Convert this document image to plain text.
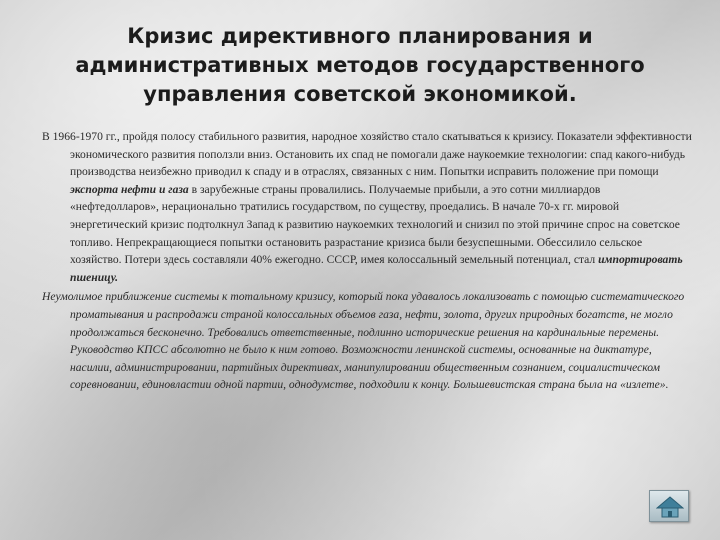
Кризис директивного планирования и административных методов государственного управления советской экономикой.

В 1966-1970 гг., пройдя полосу стабильного развития, народное хозяйство стало скатываться к кризису. Показатели эффективности экономического развития поползли вниз. Остановить их спад не помогали даже наукоемкие технологии: спад какого-нибудь производства неизбежно приводил к спаду и в отраслях, связанных с ним. Попытки исправить положение при помощи экспорта нефти и газа в зарубежные страны провалились. Получаемые прибыли, а это сотни миллиардов «нефтедолларов», нерационально тратились государством, по существу, проедались. В начале 70-х гг. мировой энергетический кризис подтолкнул Запад к развитию наукоемких технологий и снизил по этой причине спрос на советское топливо. Непрекращающиеся попытки остановить разрастание кризиса были безуспешными. Обессилило сельское хозяйство. Потери здесь составляли 40% ежегодно. СССР, имея колоссальный земельный потенциал, стал импортировать пшеницу.

Неумолимое приближение системы к тотальному кризису, который пока удавалось локализовать с помощью систематического проматывания и распродажи страной колоссальных объемов газа, нефти, золота, других природных богатств, не могло продолжаться бесконечно. Требовались ответственные, подлинно исторические решения на кардинальные перемены. Руководство КПСС абсолютно не было к ним готово. Возможности ленинской системы, основанные на диктатуре, насилии, администрировании, партийных директивах, манипулировании общественным сознанием, социалистическом соревновании, единовластии одной партии, однодумстве, подходили к концу. Большевистская страна была на «излете».
